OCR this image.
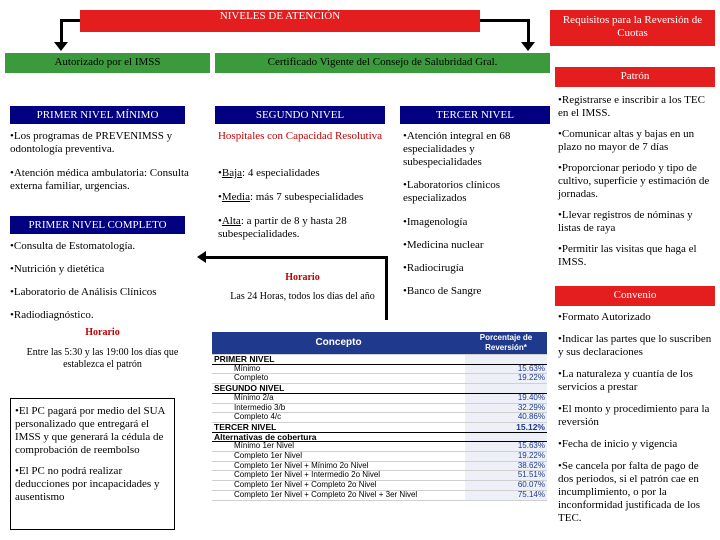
NIVELES DE ATENCIÓN	Requisitos para la Reversión de Cuotas
Autorizado por el IMSS	Certificado Vigente del Consejo de Salubridad Gral.
Patrón
PRIMER NIVEL MÍNIMO

• Los programas de PREVENIMSS y odontología preventiva.

• Atención médica ambulatoria: Consulta externa familiar, urgencias.

PRIMER NIVEL COMPLETO

• Consulta de Estomatología.

• Nutrición y dietética

• Laboratorio de Análisis Clínicos

• Radiodiagnóstico.

Horario
Entre las 5:30 y las 19:00 los días que establezca el patrón

• El PC pagará por medio del SUA personalizado que entregará el IMSS y que generará la cédula de comprobación de reembolso

• El PC no podrá realizar deducciones por incapacidades y ausentismo

SEGUNDO NIVEL
Hospitales con Capacidad Resolutiva

• Baja: 4 especialidades

• Media: más 7 subespecialidades

• Alta: a partir de 8 y hasta 28 subespecialidades.

Horario
Las 24 Horas, todos los días del año
TERCER NIVEL

• Atención integral en 68 especialidades y subespecialidades

• Laboratorios clínicos especializados

• Imagenología

• Medicina nuclear

• Radiocirugía

• Banco de Sangre

• Registrarse e inscribir a los TEC en el IMSS.

• Comunicar altas y bajas en un plazo no mayor de 7 días

• Proporcionar periodo y tipo de cultivo, superficie y estimación de jornadas.

• Llevar registros de nóminas y listas de raya

• Permitir las visitas que haga el IMSS.

Convenio

• Formato Autorizado

• Indicar las partes que lo suscriben y sus declaraciones

• La naturaleza y cuantía de los servicios a prestar

• El monto y procedimiento para la reversión

• Fecha de inicio y vigencia

• Se cancela por falta de pago de dos periodos, si el patrón cae en incumplimiento, o por la inconformidad justificada de los TEC.

Concepto	Porcentaje de Reversión*
PRIMER NIVEL	
Mínimo	15.63%
Completo	19.22%
SEGUNDO NIVEL	
Mínimo 2/a	19.40%
Intermedio 3/b	32.29%
Completo 4/c	40.86%
TERCER NIVEL	15.12%
Alternativas de cobertura	
Mínimo 1er Nivel	15.63%
Completo 1er Nivel	19.22%
Completo 1er Nivel + Mínimo 2o Nivel	38.62%
Completo 1er Nivel + Intermedio 2o Nivel	51.51%
Completo 1er Nivel + Completo 2o Nivel	60.07%
Completo 1er Nivel + Completo 2o Nivel + 3er Nivel	75.14%
